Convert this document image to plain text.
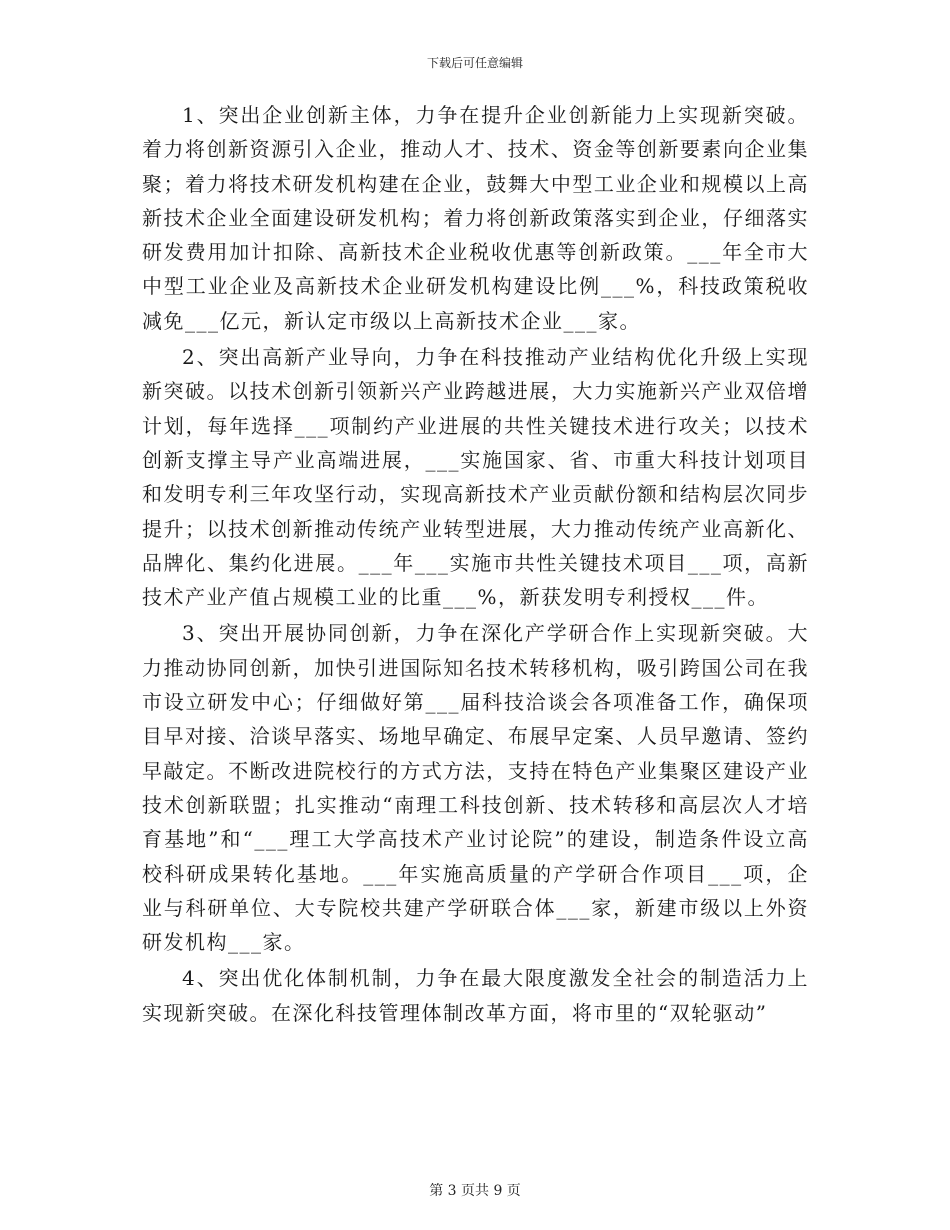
下载后可任意编辑

1、突出企业创新主体，力争在提升企业创新能力上实现新突破。着力将创新资源引入企业，推动人才、技术、资金等创新要素向企业集聚；着力将技术研发机构建在企业，鼓舞大中型工业企业和规模以上高新技术企业全面建设研发机构；着力将创新政策落实到企业，仔细落实研发费用加计扣除、高新技术企业税收优惠等创新政策。___年全市大中型工业企业及高新技术企业研发机构建设比例___%，科技政策税收减免___亿元，新认定市级以上高新技术企业___家。

2、突出高新产业导向，力争在科技推动产业结构优化升级上实现新突破。以技术创新引领新兴产业跨越进展，大力实施新兴产业双倍增计划，每年选择___项制约产业进展的共性关键技术进行攻关；以技术创新支撑主导产业高端进展，___实施国家、省、市重大科技计划项目和发明专利三年攻坚行动，实现高新技术产业贡献份额和结构层次同步提升；以技术创新推动传统产业转型进展，大力推动传统产业高新化、品牌化、集约化进展。___年___实施市共性关键技术项目___项，高新技术产业产值占规模工业的比重___%，新获发明专利授权___件。

3、突出开展协同创新，力争在深化产学研合作上实现新突破。大力推动协同创新，加快引进国际知名技术转移机构，吸引跨国公司在我市设立研发中心；仔细做好第___届科技洽谈会各项准备工作，确保项目早对接、洽谈早落实、场地早确定、布展早定案、人员早邀请、签约早敲定。不断改进院校行的方式方法，支持在特色产业集聚区建设产业技术创新联盟；扎实推动“南理工科技创新、技术转移和高层次人才培育基地”和“___理工大学高技术产业讨论院”的建设，制造条件设立高校科研成果转化基地。___年实施高质量的产学研合作项目___项，企业与科研单位、大专院校共建产学研联合体___家，新建市级以上外资研发机构___家。

4、突出优化体制机制，力争在最大限度激发全社会的制造活力上实现新突破。在深化科技管理体制改革方面，将市里的“双轮驱动”

第 3 页共 9 页
